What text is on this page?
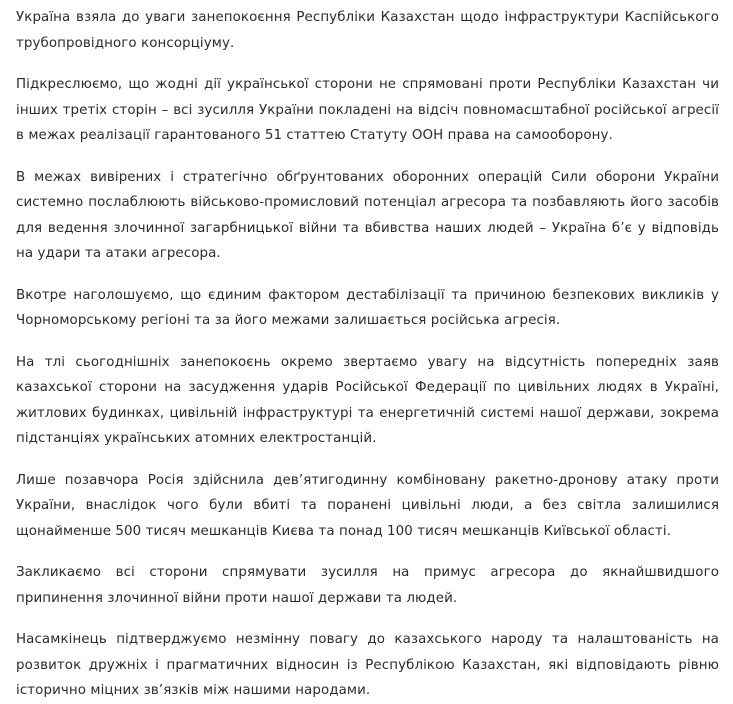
Україна взяла до уваги занепокоєння Республіки Казахстан щодо інфраструктури Каспійського трубопровідного консорціуму.

Підкреслюємо, що жодні дії української сторони не спрямовані проти Республіки Казахстан чи інших третіх сторін – всі зусилля України покладені на відсіч повномасштабної російської агресії в межах реалізації гарантованого 51 статтею Статуту ООН права на самооборону.

В межах вивірених і стратегічно обґрунтованих оборонних операцій Сили оборони України системно послаблюють військово-промисловий потенціал агресора та позбавляють його засобів для ведення злочинної загарбницької війни та вбивства наших людей – Україна б’є у відповідь на удари та атаки агресора.

Вкотре наголошуємо, що єдиним фактором дестабілізації та причиною безпекових викликів у Чорноморському регіоні та за його межами залишається російська агресія.

На тлі сьогоднішніх занепокоєнь окремо звертаємо увагу на відсутність попередніх заяв казахської сторони на засудження ударів Російської Федерації по цивільних людях в Україні, житлових будинках, цивільній інфраструктурі та енергетичній системі нашої держави, зокрема підстанціях українських атомних електростанцій.

Лише позавчора Росія здійснила дев’ятигодинну комбіновану ракетно-дронову атаку проти України, внаслідок чого були вбиті та поранені цивільні люди, а без світла залишилися щонайменше 500 тисяч мешканців Києва та понад 100 тисяч мешканців Київської області.

Закликаємо всі сторони спрямувати зусилля на примус агресора до якнайшвидшого припинення злочинної війни проти нашої держави та людей.

Насамкінець підтверджуємо незмінну повагу до казахського народу та налаштованість на розвиток дружніх і прагматичних відносин із Республікою Казахстан, які відповідають рівню історично міцних зв’язків між нашими народами.
